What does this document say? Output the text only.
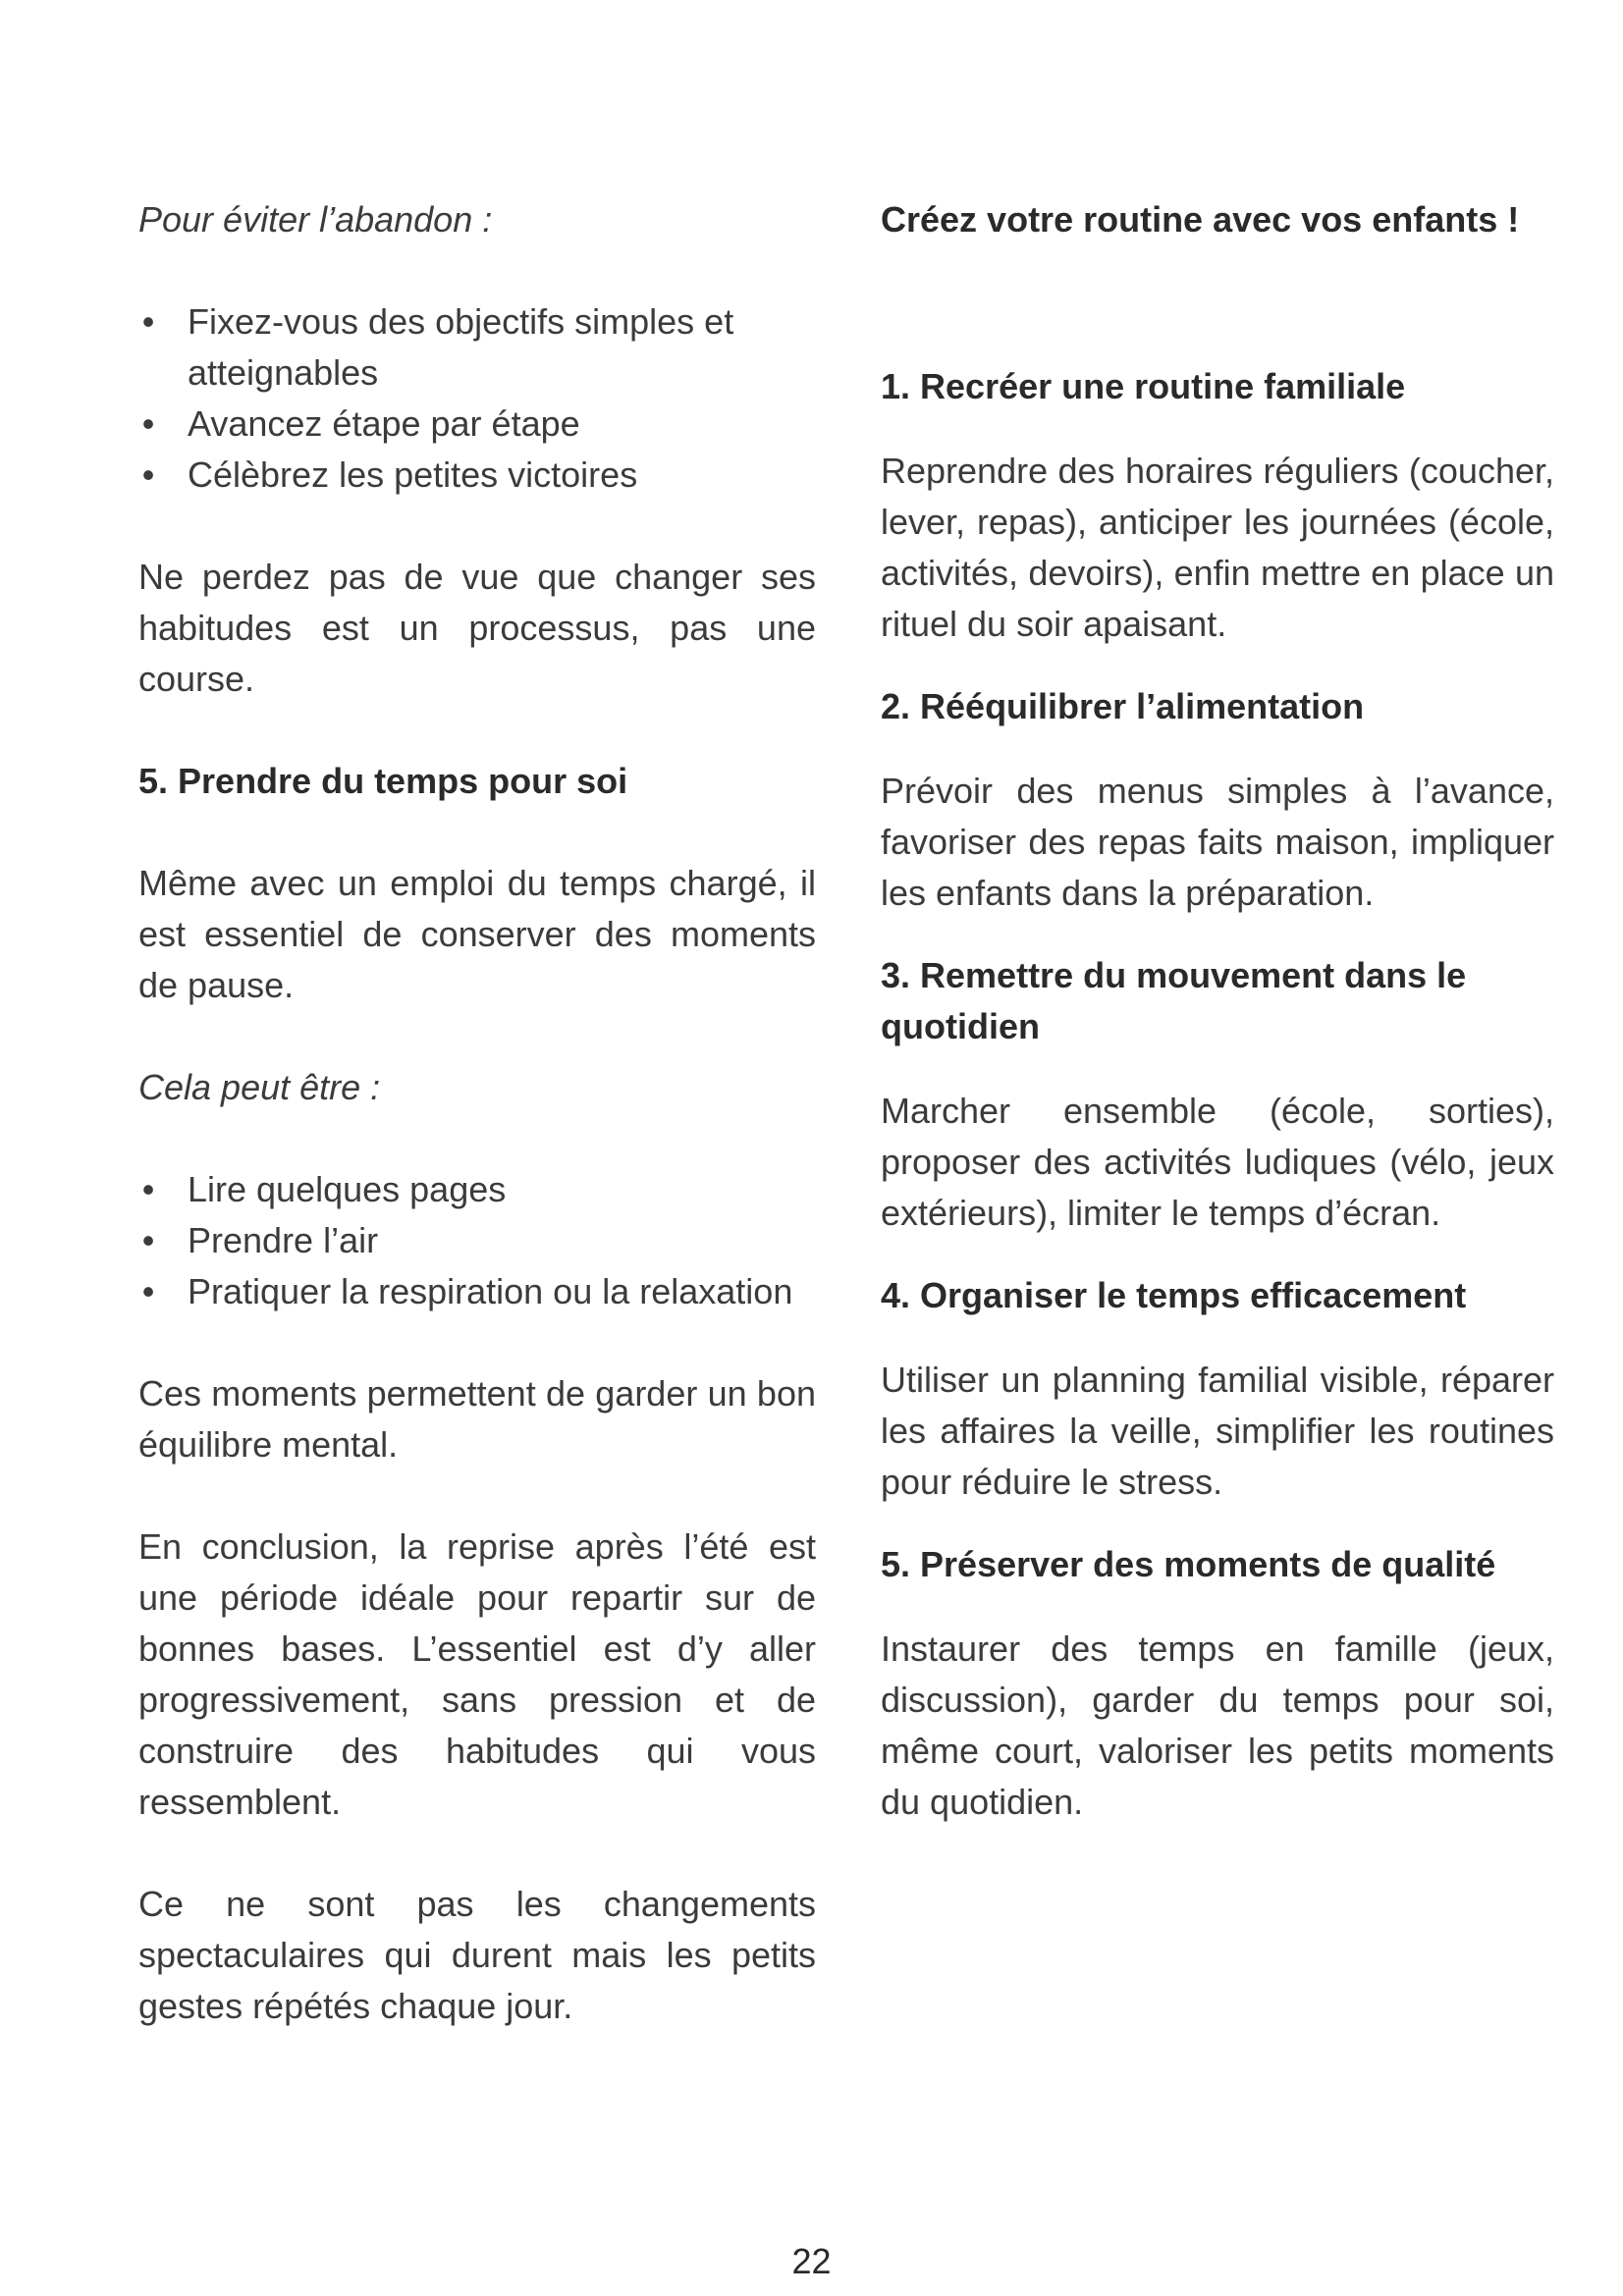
Pour éviter l’abandon :

• Fixez-vous des objectifs simples et atteignables
• Avancez étape par étape
• Célèbrez les petites victoires

Ne perdez pas de vue que changer ses habitudes est un processus, pas une course.

5. Prendre du temps pour soi

Même avec un emploi du temps chargé, il est essentiel de conserver des moments de pause.

Cela peut être :

• Lire quelques pages
• Prendre l’air
• Pratiquer la respiration ou la relaxation

Ces moments permettent de garder un bon équilibre mental.

En conclusion, la reprise après l’été est une période idéale pour repartir sur de bonnes bases. L’essentiel est d’y aller progressivement, sans pression et de construire des habitudes qui vous ressemblent.

Ce ne sont pas les changements spectaculaires qui durent mais les petits gestes répétés chaque jour.

Créez votre routine avec vos enfants !
1. Recréer une routine familiale

Reprendre des horaires réguliers (coucher, lever, repas), anticiper les journées (école, activités, devoirs), enfin mettre en place un rituel du soir apaisant.

2. Rééquilibrer l’alimentation

Prévoir des menus simples à l’avance, favoriser des repas faits maison, impliquer les enfants dans la préparation.

3. Remettre du mouvement dans le quotidien

Marcher ensemble (école, sorties), proposer des activités ludiques (vélo, jeux extérieurs), limiter le temps d’écran.

4. Organiser le temps efficacement

Utiliser un planning familial visible, réparer les affaires la veille, simplifier les routines pour réduire le stress.

5. Préserver des moments de qualité

Instaurer des temps en famille (jeux, discussion), garder du temps pour soi, même court, valoriser les petits moments du quotidien.

22
